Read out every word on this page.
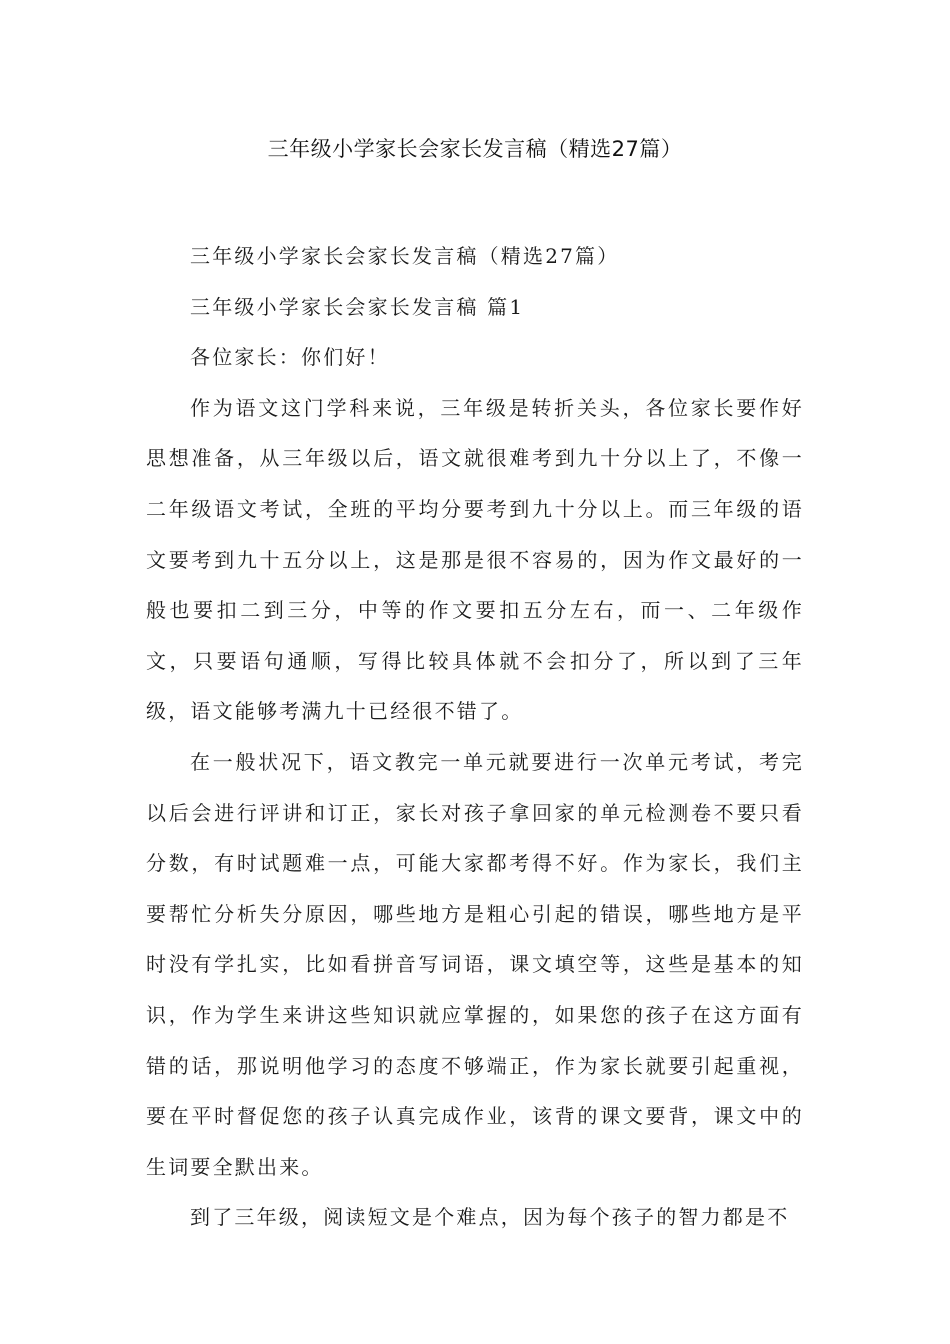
三年级小学家长会家长发言稿（精选27篇）

三年级小学家长会家长发言稿（精选27篇）

三年级小学家长会家长发言稿 篇1

各位家长：你们好！

作为语文这门学科来说，三年级是转折关头，各位家长要作好思想准备，从三年级以后，语文就很难考到九十分以上了，不像一二年级语文考试，全班的平均分要考到九十分以上。而三年级的语文要考到九十五分以上，这是那是很不容易的，因为作文最好的一般也要扣二到三分，中等的作文要扣五分左右，而一、二年级作文，只要语句通顺，写得比较具体就不会扣分了，所以到了三年级，语文能够考满九十已经很不错了。

在一般状况下，语文教完一单元就要进行一次单元考试，考完以后会进行评讲和订正，家长对孩子拿回家的单元检测卷不要只看分数，有时试题难一点，可能大家都考得不好。作为家长，我们主要帮忙分析失分原因，哪些地方是粗心引起的错误，哪些地方是平时没有学扎实，比如看拼音写词语，课文填空等，这些是基本的知识，作为学生来讲这些知识就应掌握的，如果您的孩子在这方面有错的话，那说明他学习的态度不够端正，作为家长就要引起重视，要在平时督促您的孩子认真完成作业，该背的课文要背，课文中的生词要全默出来。

到了三年级，阅读短文是个难点，因为每个孩子的智力都是不
